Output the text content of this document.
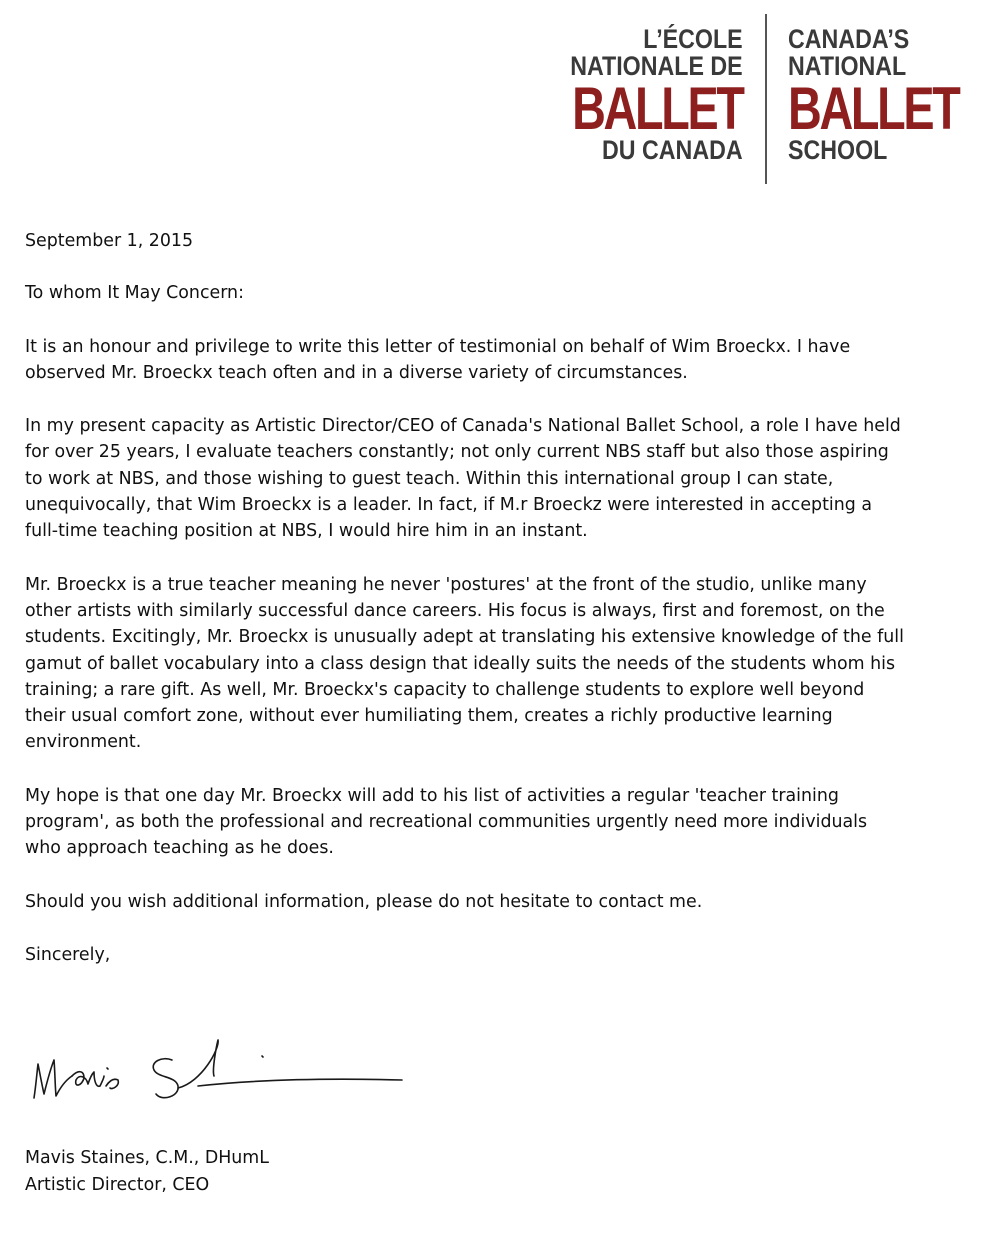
L’ÉCOLE
NATIONALE DE
BALLET
DU CANADA
CANADA’S
NATIONAL
BALLET
SCHOOL

September 1, 2015

To whom It May Concern:

It is an honour and privilege to write this letter of testimonial on behalf of Wim Broeckx. I have observed Mr. Broeckx teach often and in a diverse variety of circumstances.

In my present capacity as Artistic Director/CEO of Canada's National Ballet School, a role I have held for over 25 years, I evaluate teachers constantly; not only current NBS staff but also those aspiring to work at NBS, and those wishing to guest teach. Within this international group I can state, unequivocally, that Wim Broeckx is a leader. In fact, if M.r Broeckz were interested in accepting a full-time teaching position at NBS, I would hire him in an instant.

Mr. Broeckx is a true teacher meaning he never 'postures' at the front of the studio, unlike many other artists with similarly successful dance careers. His focus is always, first and foremost, on the students. Excitingly, Mr. Broeckx is unusually adept at translating his extensive knowledge of the full gamut of ballet vocabulary into a class design that ideally suits the needs of the students whom his training; a rare gift. As well, Mr. Broeckx's capacity to challenge students to explore well beyond their usual comfort zone, without ever humiliating them, creates a richly productive learning environment.

My hope is that one day Mr. Broeckx will add to his list of activities a regular 'teacher training program', as both the professional and recreational communities urgently need more individuals who approach teaching as he does.

Should you wish additional information, please do not hesitate to contact me.

Sincerely,

Mavis Staines, C.M., DHumL

Artistic Director, CEO
